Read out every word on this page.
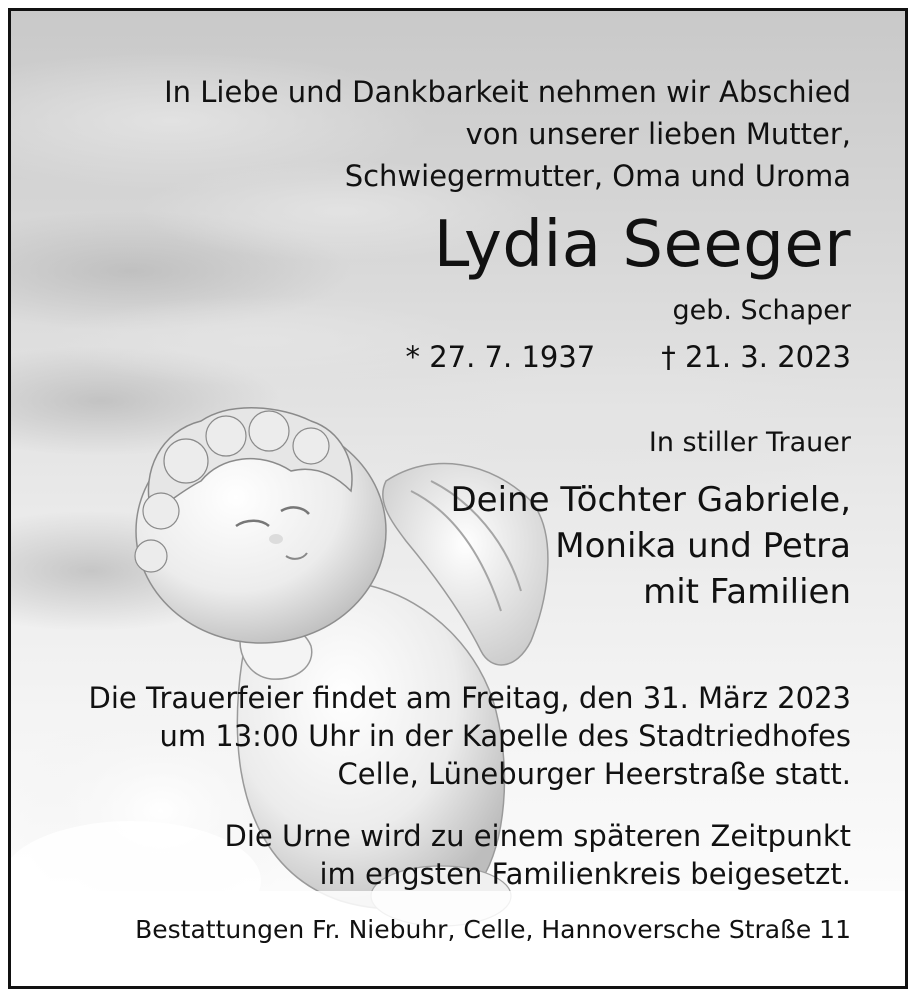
In Liebe und Dankbarkeit nehmen wir Abschied
von unserer lieben Mutter,
Schwiegermutter, Oma und Uroma
Lydia Seeger
geb. Schaper
* 27. 7. 1937 † 21. 3. 2023
In stiller Trauer
Deine Töchter Gabriele,
Monika und Petra
mit Familien
Die Trauerfeier findet am Freitag, den 31. März 2023
um 13:00 Uhr in der Kapelle des Stadtriedhofes
Celle, Lüneburger Heerstraße statt.
Die Urne wird zu einem späteren Zeitpunkt
im engsten Familienkreis beigesetzt.
Bestattungen Fr. Niebuhr, Celle, Hannoversche Straße 11
